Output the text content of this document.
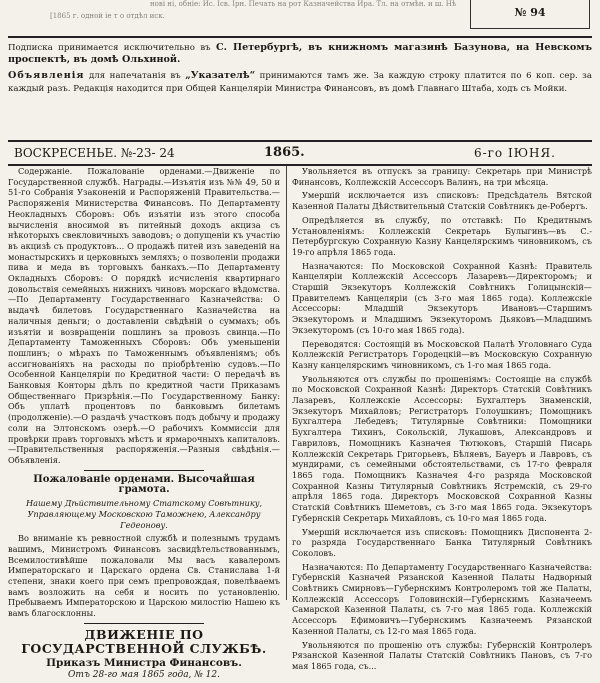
нові ні, обніе: Ис. Ісв. Ірн. Печать на рот Казначейства Ира. Тл. на отмѣн. и ш. Нѣ
[1865 г. одной іе т о отдѣл иск.	№ 94

Подписка принимается исключительно въ С. Петербургѣ, въ книжномъ магазинѣ Базунова, на Невскомъ проспектѣ, въ домѣ Ольхиной.

Объявленія для напечатанія въ „Указателѣ“ принимаются тамъ же. За каждую строку платится по 6 коп. сер. за каждый разъ. Редакція находится при Общей Канцеляріи Министра Финансовъ, въ домѣ Главнаго Штаба, ходъ съ Мойки.

ВОСКРЕСЕНЬЕ. №-23- 24	1865.	6-го ІЮНЯ.

Содержаніе. Пожалованіе орденами.—Движеніе по Государственной службѣ. Награды.—Изъятія изъ №№ 49, 50 и 51-го Собранія Узаконеній и Распоряженій Правительства.— Распоряженія Министерства Финансовъ. По Департаменту Неокладныхъ Сборовъ: Объ изъятіи изъ этого способа вычисленія вносимой въ питейный доходъ акциза съ нѣкоторыхъ свекловичныхъ заводовъ; о допущеніи къ участію въ акцизѣ съ продуктовъ... О продажѣ питей изъ заведеній на монастырскихъ и церковныхъ земляхъ; о позволеніи продажи пива и меда въ торговыхъ банкахъ.—По Департаменту Окладныхъ Сборовъ: О порядкѣ исчисленія квартирнаго довольствія семейныхъ нижнихъ чиновъ морскаго вѣдомства.—По Департаменту Государственнаго Казначейства: О выдачѣ билетовъ Государственнаго Казначейства на наличныя деньги; о доставленіи свѣдѣній о суммахъ; объ изъятіи и возвращеніи пошлинъ за провозъ свинца.—По Департаменту Таможенныхъ Сборовъ: Объ уменьшеніи пошлинъ; о мѣрахъ по Таможеннымъ объявленіямъ; объ ассигнованіяхъ на расходы по пріобрѣтенію судовъ.—По Особенной Канцеляріи по Кредитной части: О передачѣ въ Банковыя Конторы дѣлъ по кредитной части Приказамъ Общественнаго Призрѣнія.—По Государственному Банку: Объ уплатѣ процентовъ по банковымъ билетамъ (продолженіе).—О раздачѣ участковъ подъ добычу и продажу соли на Элтонскомъ озерѣ.—О рабочихъ Коммиссіи для провѣрки правъ торговыхъ мѣстъ и ярмарочныхъ капиталовъ.—Правительственныя распоряженія.—Разныя свѣдѣнія.—Объявленія.

Пожалованіе орденами. Высочайшая грамота.

Нашему Дѣйствительному Статскому Совѣтнику, Управляющему Московскою Таможнею, Александру Гедеонову.

Во вниманіе къ ревностной службѣ и полезнымъ трудамъ вашимъ, Министромъ Финансовъ засвидѣтельствованнымъ, Всемилостивѣйше пожаловали Мы васъ кавалеромъ Императорскаго и Царскаго ордена Св. Станислава 1-й степени, знаки коего при семъ препровождая, повелѣваемъ вамъ возложить на себя и носить по установленію. Пребываемъ Императорскою и Царскою милостію Нашею къ вамъ благосклонны.

ДВИЖЕНІЕ ПО ГОСУДАРСТВЕННОЙ СЛУЖБѢ.

Приказъ Министра Финансовъ.

Отъ 28-го мая 1865 года, № 12.

Увольняется въ отпускъ за границу: Секретарь при Министрѣ Финансовъ, Коллежскій Ассессоръ Валинъ, на три мѣсяца.

Умершій исключается изъ списковъ: Предсѣдатель Вятской Казенной Палаты Дѣйствительный Статскій Совѣтникъ де-Робертъ.

Опредѣляется въ службу, по отставкѣ: По Кредитнымъ Установленіямъ: Коллежскій Секретарь Булыгинъ—въ С.-Петербургскую Сохранную Казну Канцелярскимъ чиновникомъ, съ 19-го апрѣля 1865 года.

Назначаются: По Московской Сохранной Казнѣ: Правитель Канцеляріи Коллежскій Ассессоръ Лазаревъ—Директоромъ; и Старшій Экзекуторъ Коллежскій Совѣтникъ Голицынскій—Правителемъ Канцеляріи (съ 3-го мая 1865 года). Коллежскіе Ассессоры: Младшій Экзекуторъ Ивановъ—Старшимъ Экзекуторомъ и Младшимъ Экзекуторомъ Дьяковъ—Младшимъ Экзекуторомъ (съ 10-го мая 1865 года).

Переводятся: Состоящій въ Московской Палатѣ Уголовнаго Суда Коллежскій Регистраторъ Городецкій—въ Московскую Сохранную Казну канцелярскимъ чиновникомъ, съ 1-го мая 1865 года.

Увольняются отъ службы по прошеніямъ: Состоящіе на службѣ по Московской Сохранной Казнѣ: Директоръ Статскій Совѣтникъ Лазаревъ, Коллежскіе Ассессоры: Бухгалтеръ Знаменскій, Экзекуторъ Михайловъ; Регистраторъ Голоушкинъ; Помощникъ Бухгалтера Лебедевъ; Титулярные Совѣтники: Помощники Бухгалтера Тихинъ, Сокольскій, Лукашовъ, Александровъ и Гавриловъ, Помощникъ Казначея Тютюковъ, Старшій Писарь Коллежскій Секретарь Григорьевъ, Бѣляевъ, Бауеръ и Лавровъ, съ мундирами, съ семейными обстоятельствами, съ 17-го февраля 1865 года. Помощникъ Казначея 4-го разряда Московской Сохранной Казны Титулярный Совѣтникъ Ястремскій, съ 29-го апрѣля 1865 года. Директоръ Московской Сохранной Казны Статскій Совѣтникъ Шеметовъ, съ 3-го мая 1865 года. Экзекуторъ Губернскій Секретарь Михайловъ, съ 10-го мая 1865 года.

Умершій исключается изъ списковъ: Помощникъ Диспонента 2-го разряда Государственнаго Банка Титулярный Совѣтникъ Соколовъ.

Назначаются: По Департаменту Государственнаго Казначейства: Губернскій Казначей Рязанской Казенной Палаты Надворный Совѣтникъ Смирновъ—Губернскимъ Контролеромъ той же Палаты, Коллежскій Ассессоръ Головинскій—Губернскимъ Казначеемъ Самарской Казенной Палаты, съ 7-го мая 1865 года. Коллежскій Ассессоръ Ефимовичъ—Губернскимъ Казначеемъ Рязанской Казенной Палаты, съ 12-го мая 1865 года.

Увольняются по прошенію отъ службы: Губернскій Контролеръ Рязанской Казенной Палаты Статскій Совѣтникъ Пановъ, съ 7-го мая 1865 года, съ...
